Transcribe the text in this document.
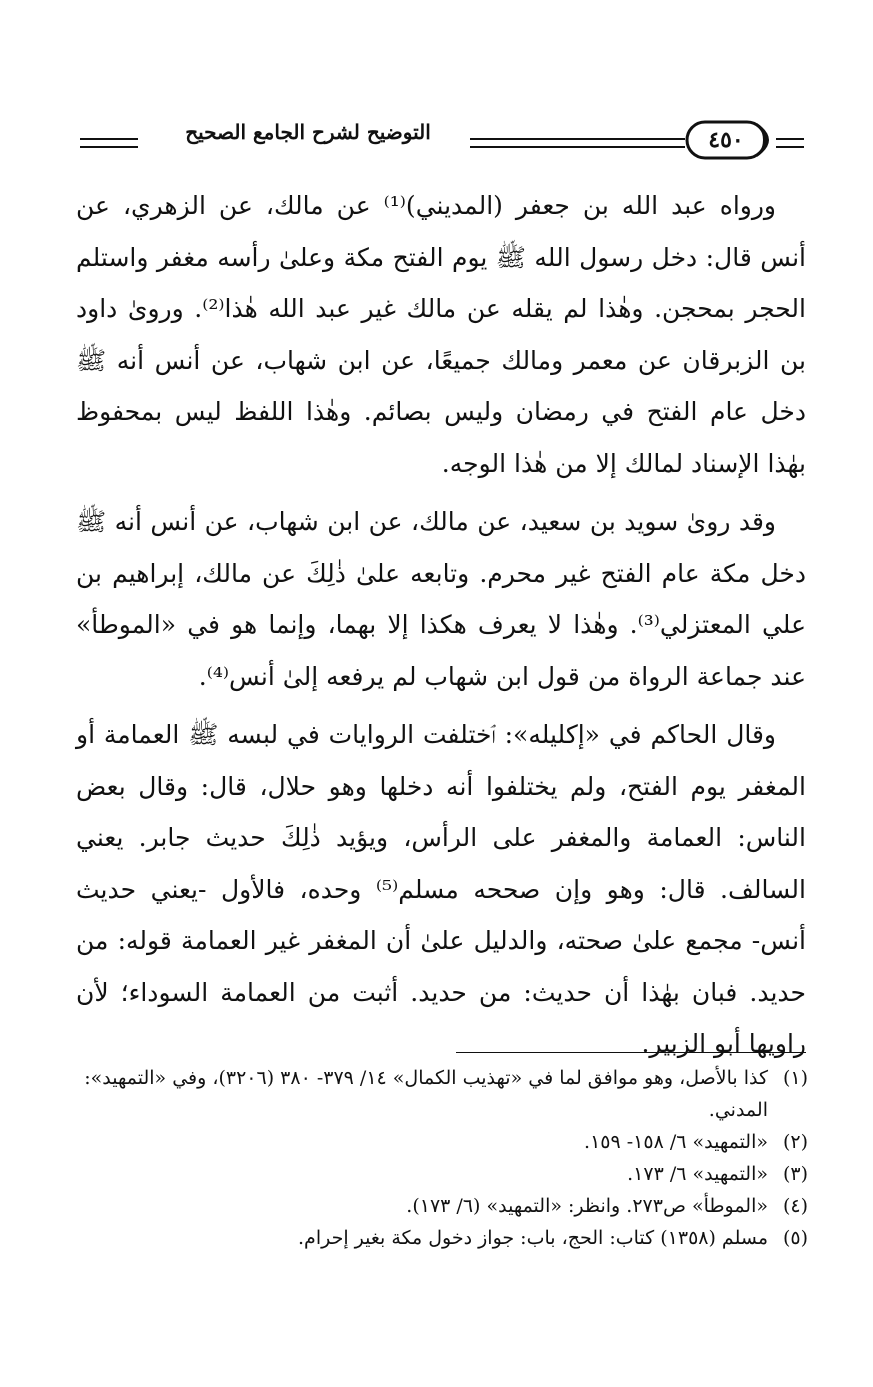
التوضيح لشرح الجامع الصحيح	٤٥٠

ورواه عبد الله بن جعفر (المديني)⁽¹⁾ عن مالك، عن الزهري، عن أنس قال: دخل رسول الله ﷺ يوم الفتح مكة وعلىٰ رأسه مغفر واستلم الحجر بمحجن. وهٰذا لم يقله عن مالك غير عبد الله هٰذا⁽²⁾. ورویٰ داود بن الزبرقان عن معمر ومالك جميعًا، عن ابن شهاب، عن أنس أنه ﷺ دخل عام الفتح في رمضان وليس بصائم. وهٰذا اللفظ ليس بمحفوظ بهٰذا الإسناد لمالك إلا من هٰذا الوجه.

وقد رویٰ سويد بن سعيد، عن مالك، عن ابن شهاب، عن أنس أنه ﷺ دخل مكة عام الفتح غير محرم. وتابعه علىٰ ذٰلِكَ عن مالك، إبراهيم بن علي المعتزلي⁽³⁾. وهٰذا لا يعرف هكذا إلا بهما، وإنما هو في «الموطأ» عند جماعة الرواة من قول ابن شهاب لم يرفعه إلىٰ أنس⁽⁴⁾.

وقال الحاكم في «إكليله»: ٱختلفت الروايات في لبسه ﷺ العمامة أو المغفر يوم الفتح، ولم يختلفوا أنه دخلها وهو حلال، قال: وقال بعض الناس: العمامة والمغفر على الرأس، ويؤيد ذٰلِكَ حديث جابر. يعني السالف. قال: وهو وإن صححه مسلم⁽⁵⁾ وحده، فالأول -يعني حديث أنس- مجمع علىٰ صحته، والدليل علىٰ أن المغفر غير العمامة قوله: من حديد. فبان بهٰذا أن حديث: من حديد. أثبت من العمامة السوداء؛ لأن راويها أبو الزبير.

(١)
كذا بالأصل، وهو موافق لما في «تهذيب الكمال» ١٤/ ٣٧٩- ٣٨٠ (٣٢٠٦)، وفي «التمهيد»: المدني.
(٢)
«التمهيد» ٦/ ١٥٨- ١٥٩.
(٣)
«التمهيد» ٦/ ١٧٣.
(٤)
«الموطأ» ص٢٧٣. وانظر: «التمهيد» (٦/ ١٧٣).
(٥)
مسلم (١٣٥٨) كتاب: الحج، باب: جواز دخول مكة بغير إحرام.
